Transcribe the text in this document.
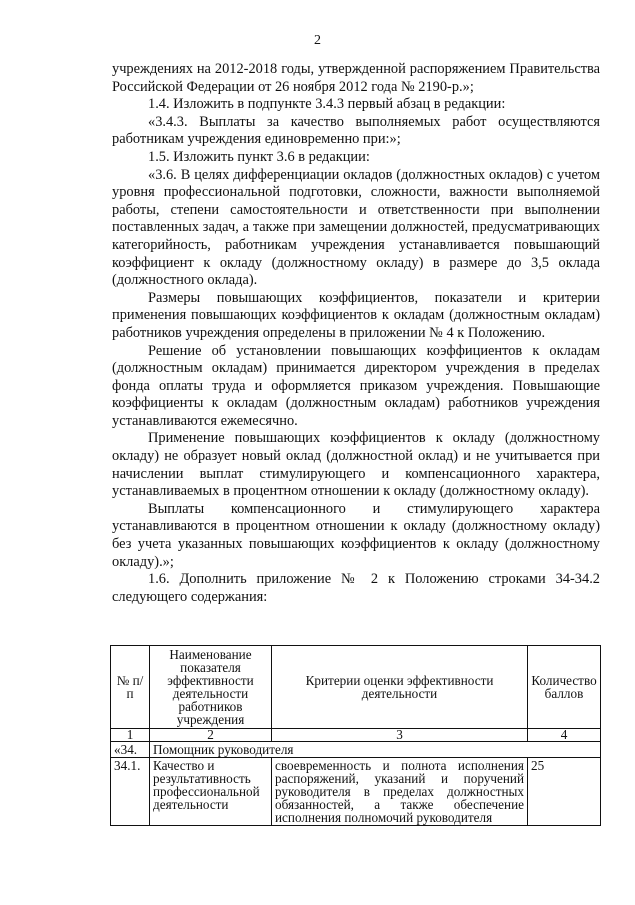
2

учреждениях на 2012-2018 годы, утвержденной распоряжением Правительства Российской Федерации от 26 ноября 2012 года № 2190-р.»;

1.4. Изложить в подпункте 3.4.3 первый абзац в редакции:

«3.4.3. Выплаты за качество выполняемых работ осуществляются работникам учреждения единовременно при:»;

1.5. Изложить пункт 3.6 в редакции:

«3.6. В целях дифференциации окладов (должностных окладов) с учетом уровня профессиональной подготовки, сложности, важности выполняемой работы, степени самостоятельности и ответственности при выполнении поставленных задач, а также при замещении должностей, предусматривающих категорийность, работникам учреждения устанавливается повышающий коэффициент к окладу (должностному окладу) в размере до 3,5 оклада (должностного оклада).

Размеры повышающих коэффициентов, показатели и критерии применения повышающих коэффициентов к окладам (должностным окладам) работников учреждения определены в приложении № 4 к Положению.

Решение об установлении повышающих коэффициентов к окладам (должностным окладам) принимается директором учреждения в пределах фонда оплаты труда и оформляется приказом учреждения. Повышающие коэффициенты к окладам (должностным окладам) работников учреждения устанавливаются ежемесячно.

Применение повышающих коэффициентов к окладу (должностному окладу) не образует новый оклад (должностной оклад) и не учитывается при начислении выплат стимулирующего и компенсационного характера, устанавливаемых в процентном отношении к окладу (должностному окладу).

Выплаты компенсационного и стимулирующего характера устанавливаются в процентном отношении к окладу (должностному окладу) без учета указанных повышающих коэффициентов к окладу (должностному окладу).»;

1.6. Дополнить приложение № 2 к Положению строками 34-34.2 следующего содержания:

№ п/п	Наименование показателя эффективности деятельности работников учреждения	Критерии оценки эффективности деятельности	Количество баллов
1	2	3	4
«34.	Помощник руководителя		
34.1.	Качество и результативность профессиональной деятельности	своевременность и полнота исполнения распоряжений, указаний и поручений руководителя в пределах должностных обязанностей, а также обеспечение исполнения полномочий руководителя	25
